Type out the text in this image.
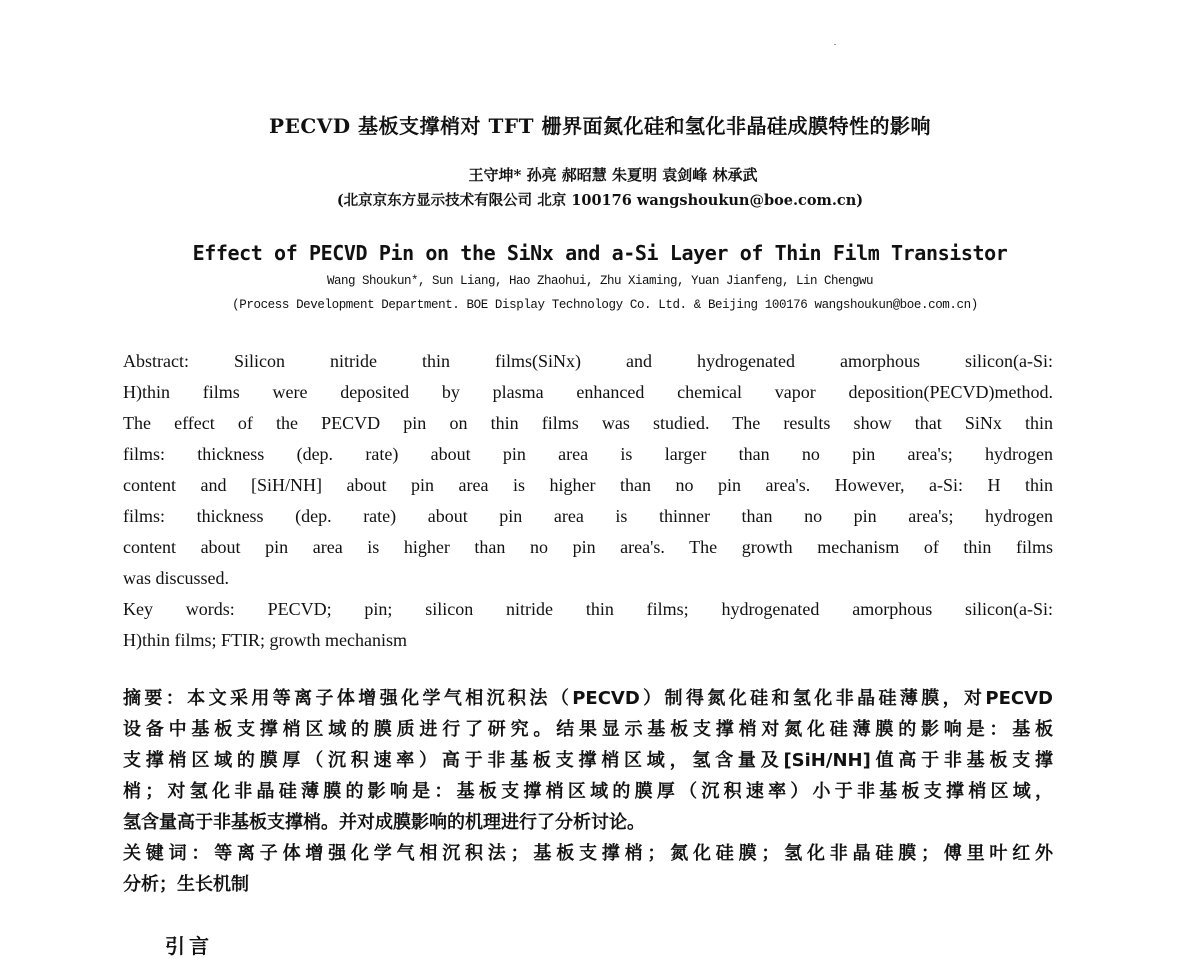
PECVD 基板支撑梢对 TFT 栅界面氮化硅和氢化非晶硅成膜特性的影响
王守坤* 孙亮 郝昭慧 朱夏明 袁剑峰 林承武
(北京京东方显示技术有限公司 北京 100176 wangshoukun@boe.com.cn)
Effect of PECVD Pin on the SiNx and a-Si Layer of Thin Film Transistor
Wang Shoukun*, Sun Liang, Hao Zhaohui, Zhu Xiaming, Yuan Jianfeng, Lin Chengwu
(Process Development Department. BOE Display Technology Co. Ltd. & Beijing 100176 wangshoukun@boe.com.cn)
Abstract: Silicon nitride thin films(SiNx) and hydrogenated amorphous silicon(a-Si:
H)thin films were deposited by plasma enhanced chemical vapor deposition(PECVD)method.
The effect of the PECVD pin on thin films was studied. The results show that SiNx thin
films: thickness (dep. rate) about pin area is larger than no pin area's; hydrogen
content and [SiH/NH] about pin area is higher than no pin area's. However, a-Si: H thin
films: thickness (dep. rate) about pin area is thinner than no pin area's; hydrogen
content about pin area is higher than no pin area's. The growth mechanism of thin films
was discussed.
Key words: PECVD; pin; silicon nitride thin films; hydrogenated amorphous silicon(a-Si:
H)thin films; FTIR; growth mechanism
摘要：本文采用等离子体增强化学气相沉积法（PECVD）制得氮化硅和氢化非晶硅薄膜，对PECVD
设备中基板支撑梢区域的膜质进行了研究。结果显示基板支撑梢对氮化硅薄膜的影响是：基板
支撑梢区域的膜厚（沉积速率）高于非基板支撑梢区域，氢含量及[SiH/NH]值高于非基板支撑
梢；对氢化非晶硅薄膜的影响是：基板支撑梢区域的膜厚（沉积速率）小于非基板支撑梢区域，
氢含量高于非基板支撑梢。并对成膜影响的机理进行了分析讨论。
关键词：等离子体增强化学气相沉积法；基板支撑梢；氮化硅膜；氢化非晶硅膜；傅里叶红外
分析；生长机制
引言
